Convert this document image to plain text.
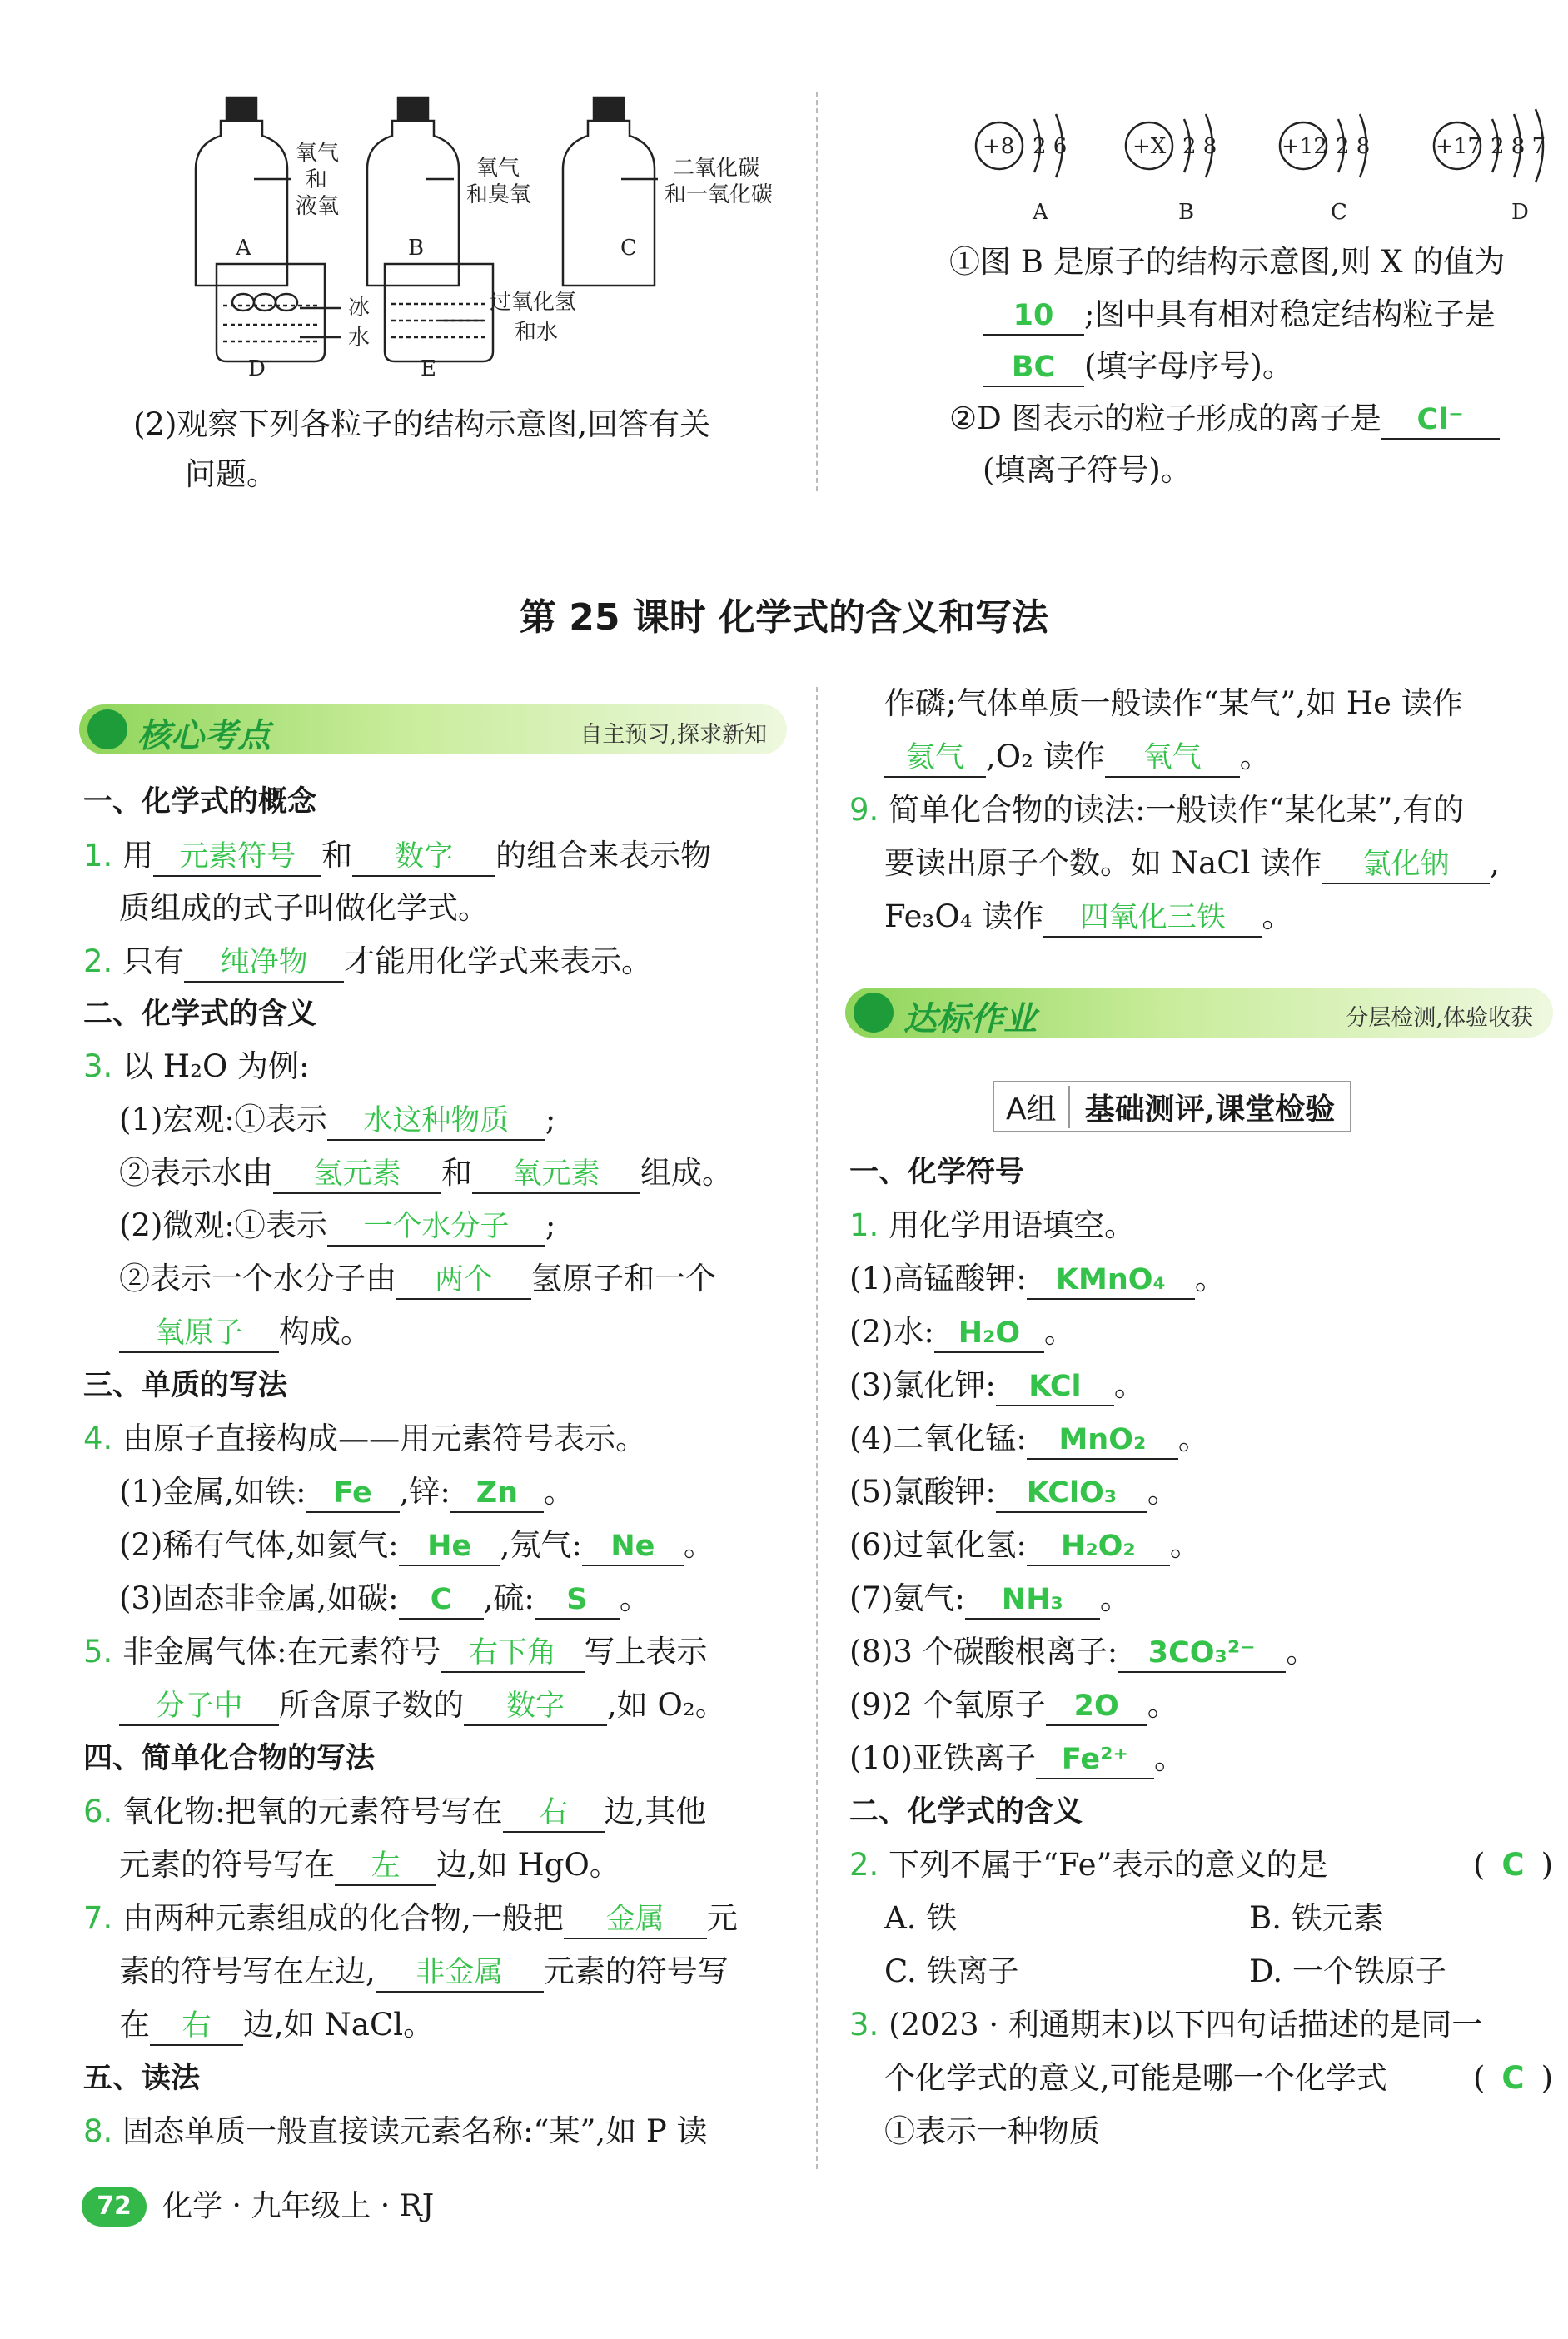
氧气
和
液氧
A
氧气
和臭氧
B
二氧化碳
和一氧化碳
C
冰
水
D
过氧化氢
和水
E
(2)观察下列各粒子的结构示意图,回答有关
问题。
+8 2 6
A
+X 2 8
B
+12 2 8
C
+17 2 8 7
D
①图 B 是原子的结构示意图,则 X 的值为
10 ;图中具有相对稳定结构粒子是
BC (填字母序号)。
②D 图表示的粒子形成的离子是 Cl⁻
(填离子符号)。
第 25 课时 化学式的含义和写法
核心考点	自主预习,探求新知
一、化学式的概念
1. 用 元素符号 和 数字 的组合来表示物
质组成的式子叫做化学式。
2. 只有 纯净物 才能用化学式来表示。
二、化学式的含义
3. 以 H₂O 为例:
(1)宏观:①表示 水这种物质 ;
②表示水由 氢元素 和 氧元素 组成。
(2)微观:①表示 一个水分子 ;
②表示一个水分子由 两个 氢原子和一个
氧原子 构成。
三、单质的写法
4. 由原子直接构成——用元素符号表示。
(1)金属,如铁: Fe ,锌: Zn 。
(2)稀有气体,如氦气: He ,氖气: Ne 。
(3)固态非金属,如碳: C ,硫: S 。
5. 非金属气体:在元素符号 右下角 写上表示
分子中 所含原子数的 数字 ,如 O₂。
四、简单化合物的写法
6. 氧化物:把氧的元素符号写在 右 边,其他
元素的符号写在 左 边,如 HgO。
7. 由两种元素组成的化合物,一般把 金属 元
素的符号写在左边, 非金属 元素的符号写
在 右 边,如 NaCl。
五、读法
8. 固态单质一般直接读元素名称:“某”,如 P 读
作磷;气体单质一般读作“某气”,如 He 读作
氦气 ,O₂ 读作 氧气 。
9. 简单化合物的读法:一般读作“某化某”,有的
要读出原子个数。如 NaCl 读作 氯化钠 ,
Fe₃O₄ 读作 四氧化三铁 。
达标作业	分层检测,体验收获
A组 基础测评,课堂检验
一、化学符号
1. 用化学用语填空。
(1)高锰酸钾: KMnO₄ 。
(2)水: H₂O 。
(3)氯化钾: KCl 。
(4)二氧化锰: MnO₂ 。
(5)氯酸钾: KClO₃ 。
(6)过氧化氢: H₂O₂ 。
(7)氨气: NH₃ 。
(8)3 个碳酸根离子: 3CO₃²⁻ 。
(9)2 个氧原子 2O 。
(10)亚铁离子 Fe²⁺ 。
二、化学式的含义
2. 下列不属于“Fe”表示的意义的是	( C )
A. 铁	B. 铁元素
C. 铁离子	D. 一个铁原子
3. (2023 · 利通期末)以下四句话描述的是同一
个化学式的意义,可能是哪一个化学式	( C )
①表示一种物质
72	化学 · 九年级上 · RJ
